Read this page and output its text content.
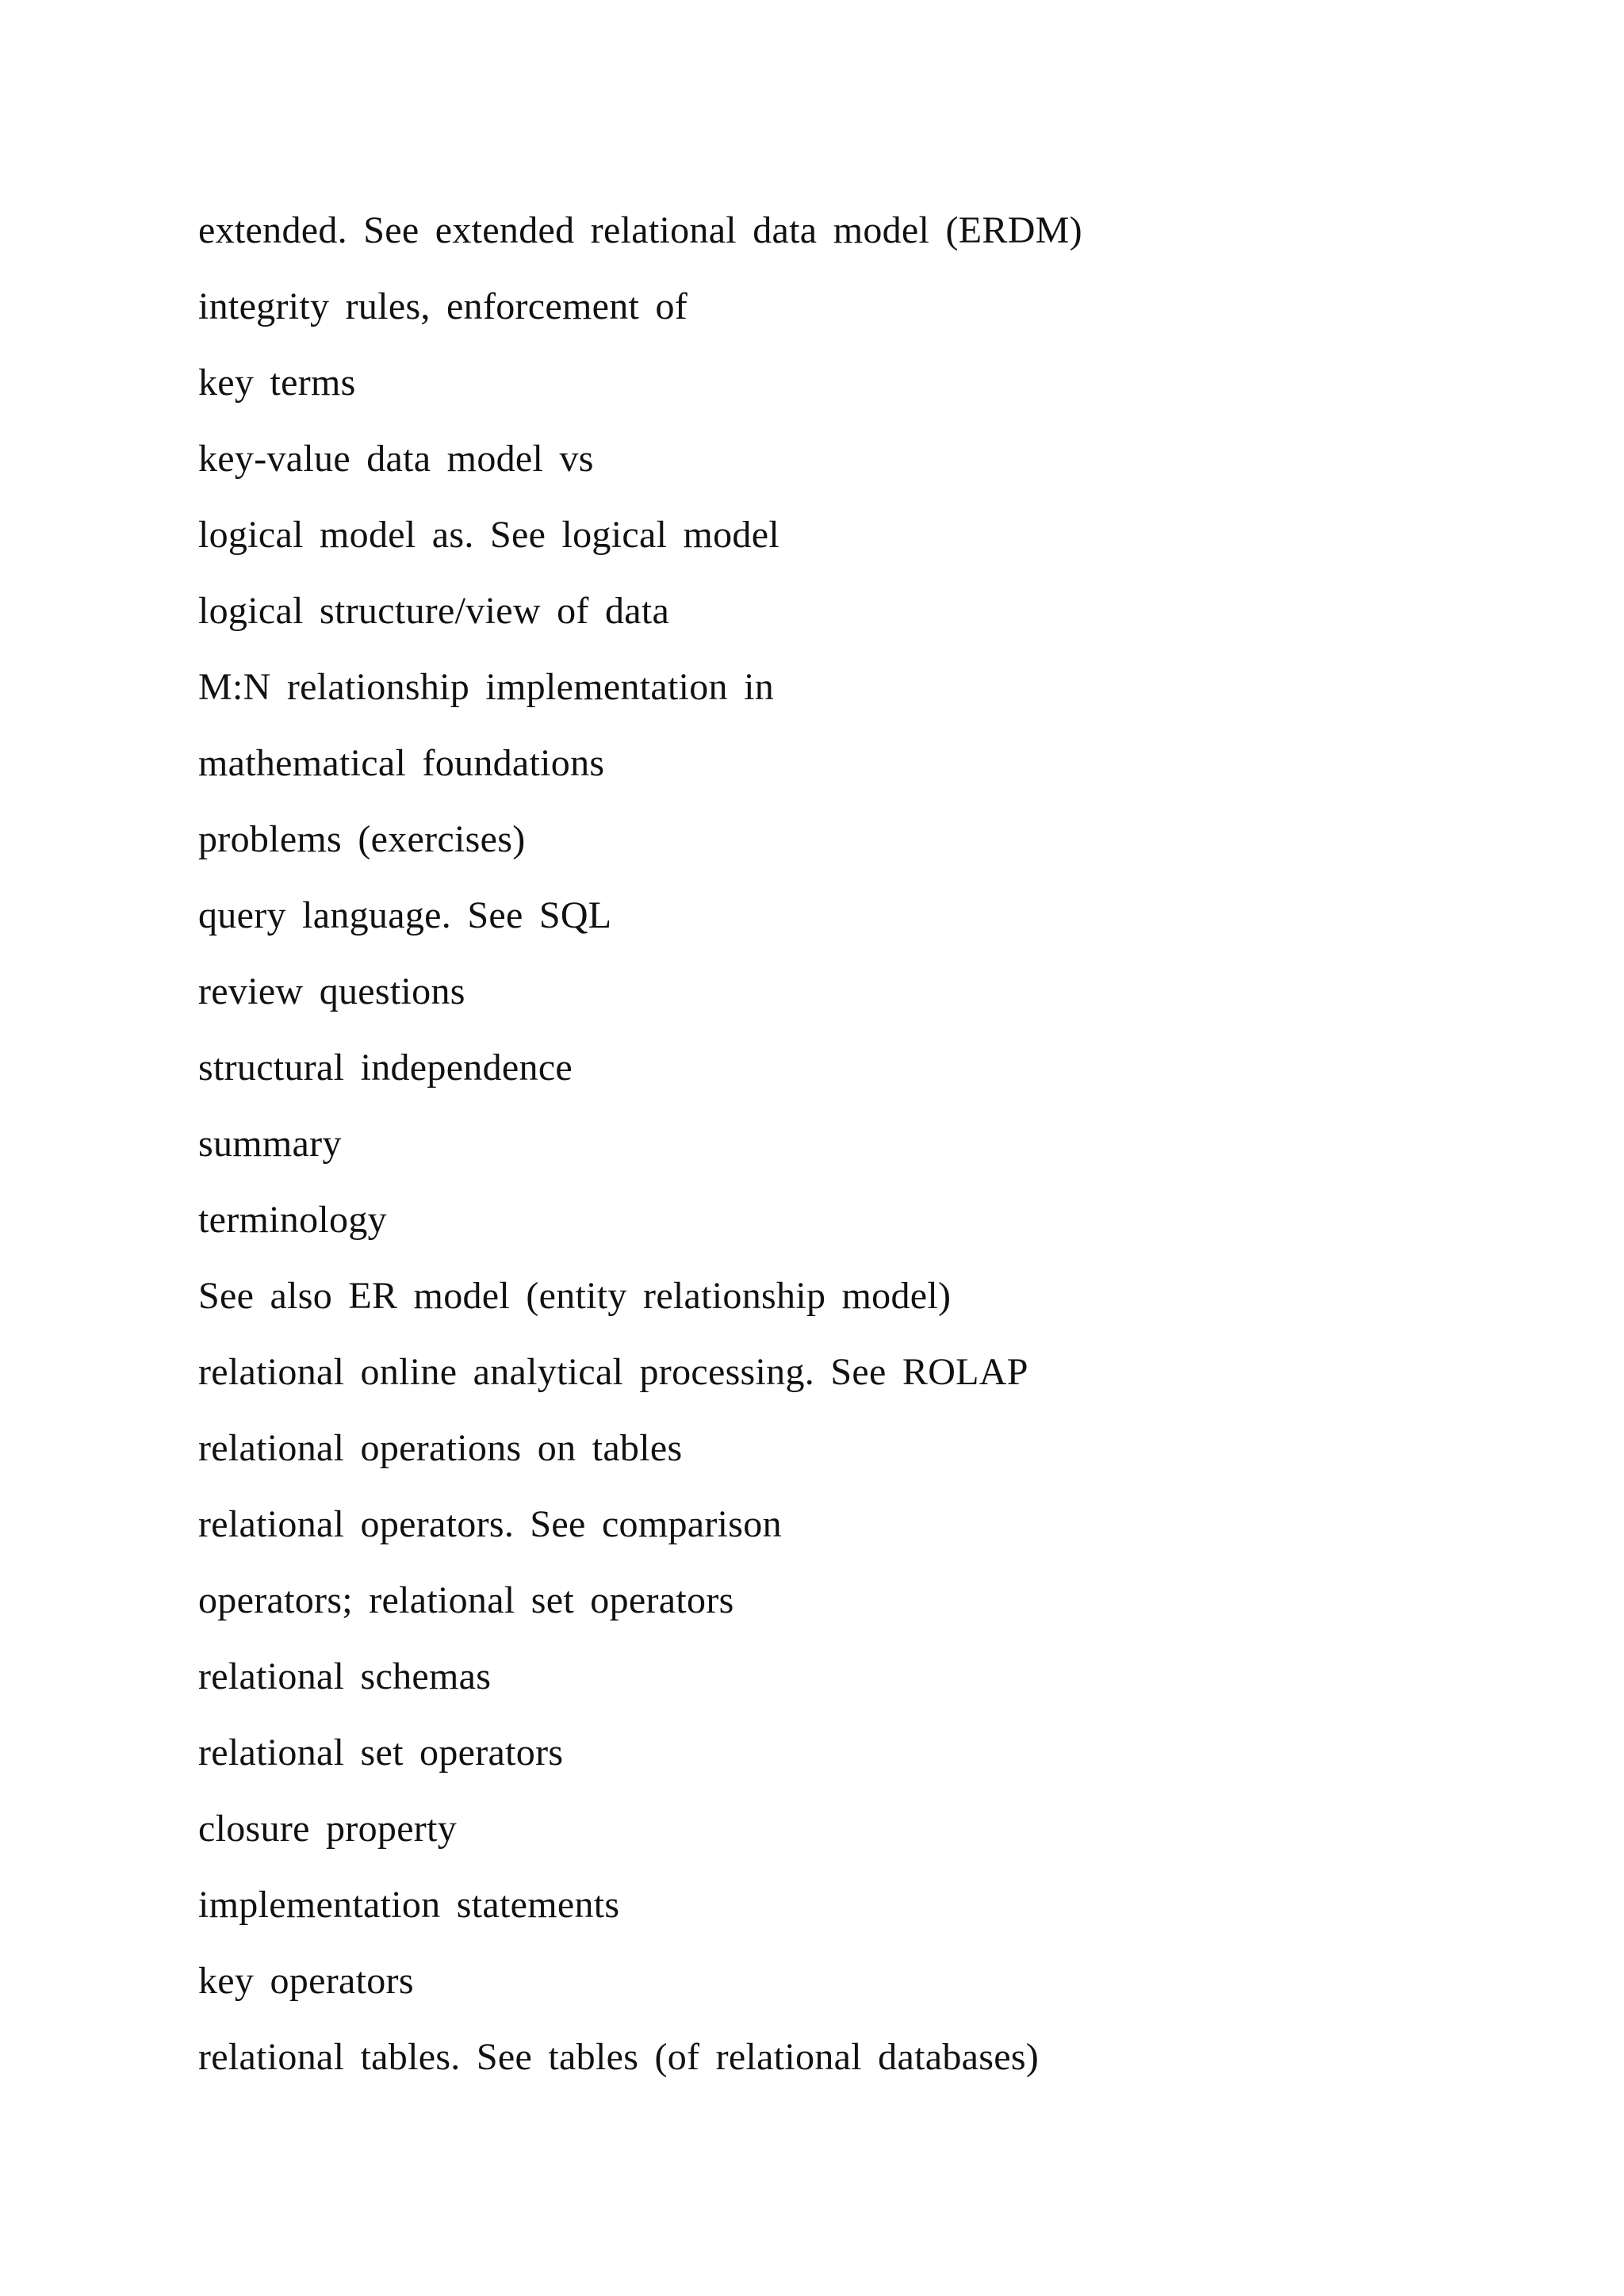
extended. See extended relational data model (ERDM)
integrity rules, enforcement of
key terms
key-value data model vs
logical model as. See logical model
logical structure/view of data
M:N relationship implementation in
mathematical foundations
problems (exercises)
query language. See SQL
review questions
structural independence
summary
terminology
See also ER model (entity relationship model)
relational online analytical processing. See ROLAP
relational operations on tables
relational operators. See comparison
operators; relational set operators
relational schemas
relational set operators
closure property
implementation statements
key operators
relational tables. See tables (of relational databases)
